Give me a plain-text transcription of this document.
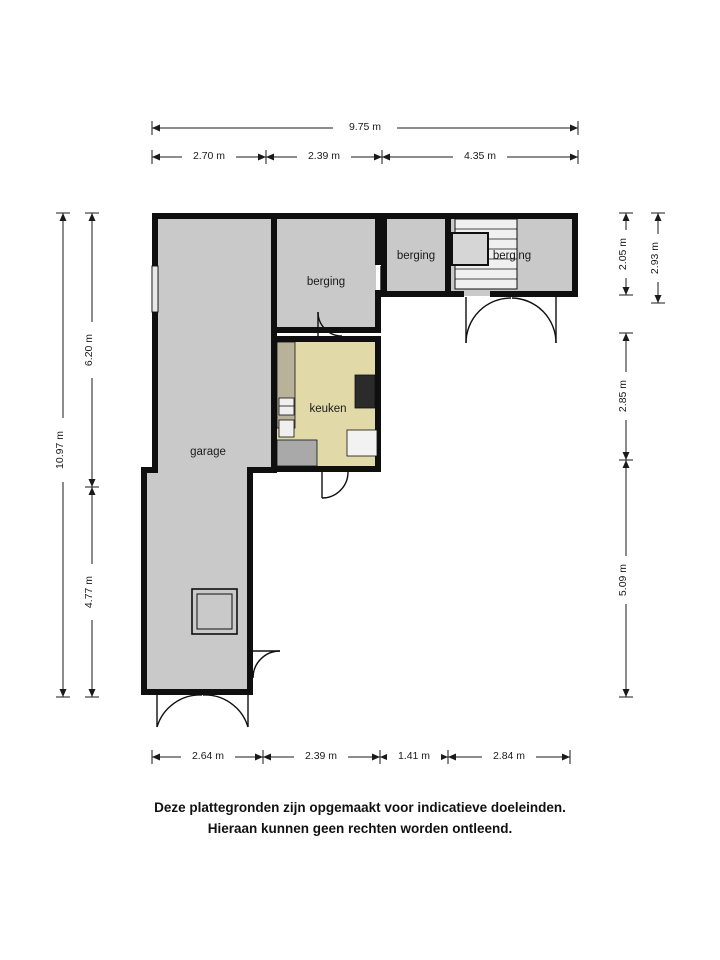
9.75 m
2.70 m	2.39 m	4.35 m
10.97 m
6.20 m
4.77 m
2.93 m
2.05 m
2.85 m
5.09 m
2.64 m	2.39 m	1.41 m	2.84 m
garage
berging
berging	berging
keuken
Deze plattegronden zijn opgemaakt voor indicatieve doeleinden.
Hieraan kunnen geen rechten worden ontleend.
